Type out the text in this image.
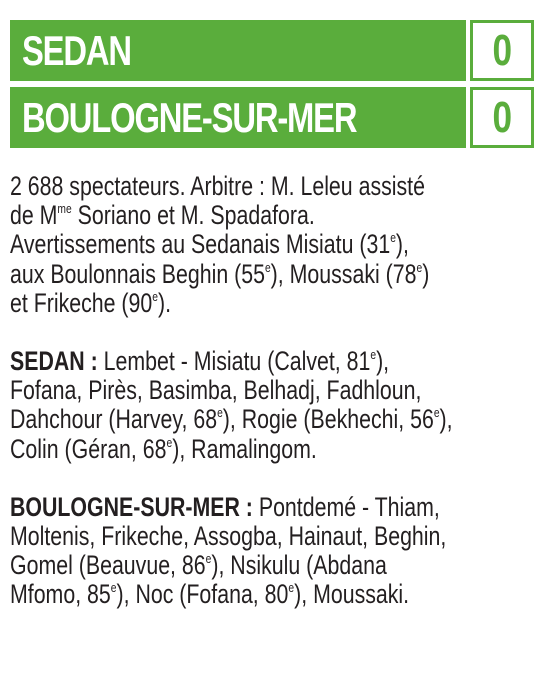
SEDAN	0
BOULOGNE-SUR-MER	0
2 688 spectateurs. Arbitre : M. Leleu assisté
de $M^{me}$ Soriano et M. Spadafora.
Avertissements au Sedanais Misiatu (31e),
aux Boulonnais Beghin (55e), Moussaki (78e)
et Frikeche (90e).
SEDAN : Lembet - Misiatu (Calvet, 81e),
Fofana, Pirès, Basimba, Belhadj, Fadhloun,
Dahchour (Harvey, 68e), Rogie (Bekhechi, 56e),
Colin (Géran, 68e), Ramalingom.
BOULOGNE-SUR-MER : Pontdemé - Thiam,
Moltenis, Frikeche, Assogba, Hainaut, Beghin,
Gomel (Beauvue, 86e), Nsikulu (Abdana
Mfomo, 85e), Noc (Fofana, 80e), Moussaki.
